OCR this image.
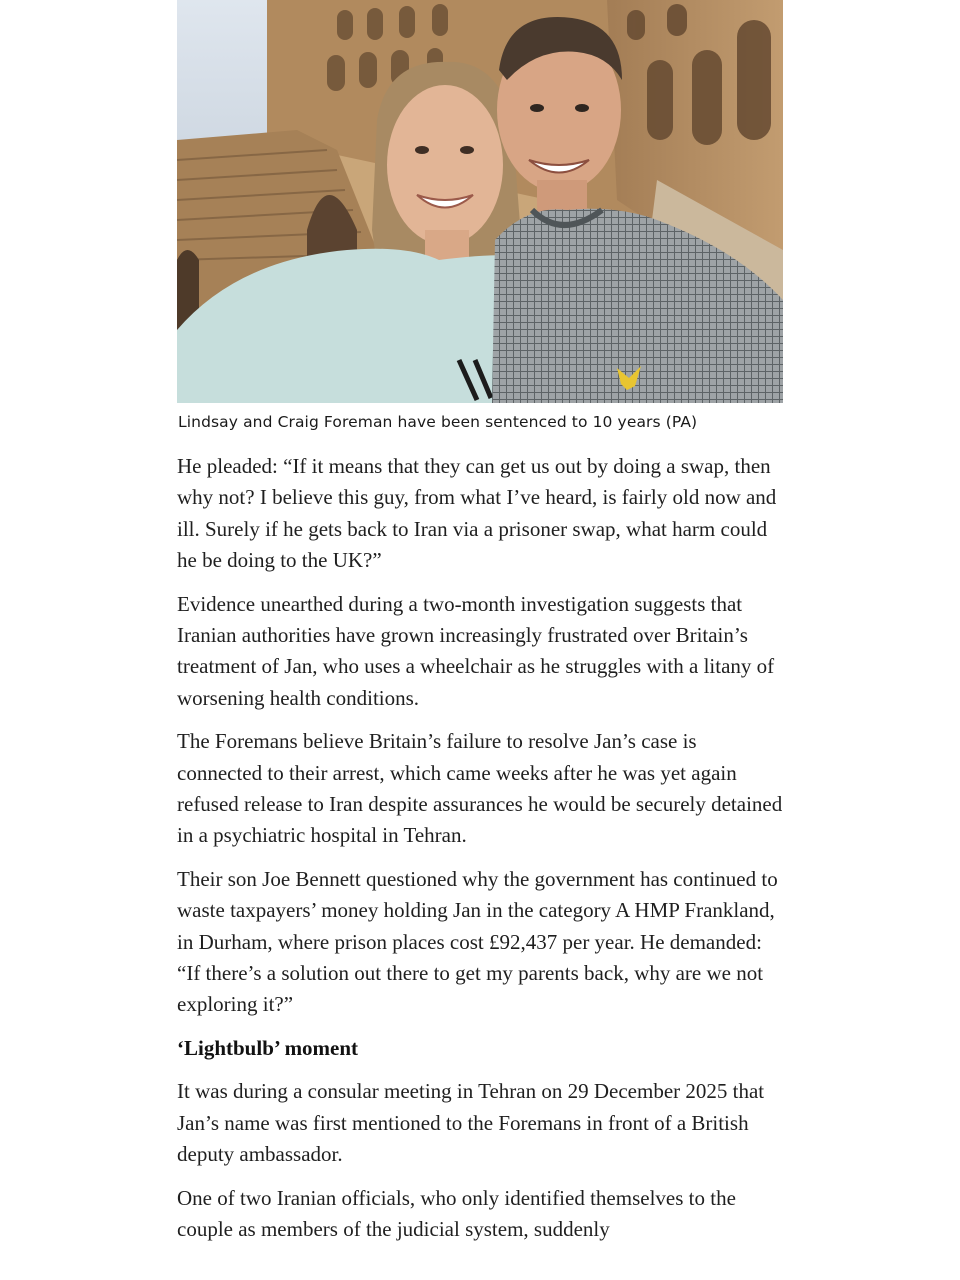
Lindsay and Craig Foreman have been sentenced to 10 years (PA)

He pleaded: “If it means that they can get us out by doing a swap, then why not? I believe this guy, from what I’ve heard, is fairly old now and ill. Surely if he gets back to Iran via a prisoner swap, what harm could he be doing to the UK?”

Evidence unearthed during a two-month investigation suggests that Iranian authorities have grown increasingly frustrated over Britain’s treatment of Jan, who uses a wheelchair as he struggles with a litany of worsening health conditions.

The Foremans believe Britain’s failure to resolve Jan’s case is connected to their arrest, which came weeks after he was yet again refused release to Iran despite assurances he would be securely detained in a psychiatric hospital in Tehran.

Their son Joe Bennett questioned why the government has continued to waste taxpayers’ money holding Jan in the category A HMP Frankland, in Durham, where prison places cost £92,437 per year. He demanded: “If there’s a solution out there to get my parents back, why are we not exploring it?”

‘Lightbulb’ moment

It was during a consular meeting in Tehran on 29 December 2025 that Jan’s name was first mentioned to the Foremans in front of a British deputy ambassador.

One of two Iranian officials, who only identified themselves to the couple as members of the judicial system, suddenly
